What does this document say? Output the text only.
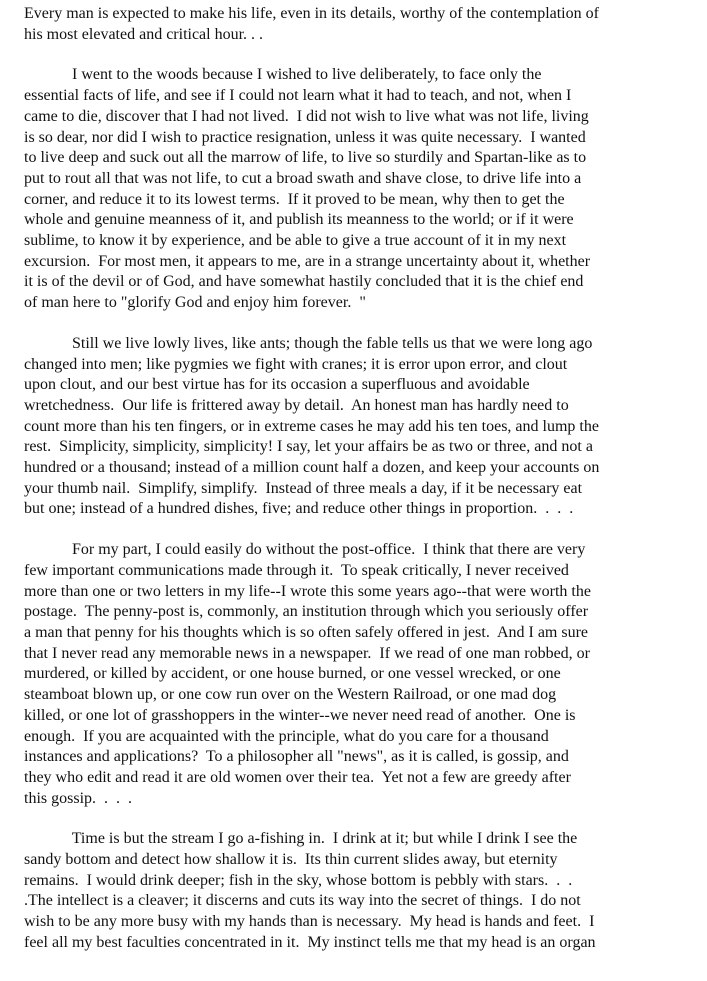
Every man is expected to make his life, even in its details, worthy of the contemplation of
his most elevated and critical hour. . .
I went to the woods because I wished to live deliberately, to face only the
essential facts of life, and see if I could not learn what it had to teach, and not, when I
came to die, discover that I had not lived.  I did not wish to live what was not life, living
is so dear, nor did I wish to practice resignation, unless it was quite necessary.  I wanted
to live deep and suck out all the marrow of life, to live so sturdily and Spartan-like as to
put to rout all that was not life, to cut a broad swath and shave close, to drive life into a
corner, and reduce it to its lowest terms.  If it proved to be mean, why then to get the
whole and genuine meanness of it, and publish its meanness to the world; or if it were
sublime, to know it by experience, and be able to give a true account of it in my next
excursion.  For most men, it appears to me, are in a strange uncertainty about it, whether
it is of the devil or of God, and have somewhat hastily concluded that it is the chief end
of man here to "glorify God and enjoy him forever.  "
Still we live lowly lives, like ants; though the fable tells us that we were long ago
changed into men; like pygmies we fight with cranes; it is error upon error, and clout
upon clout, and our best virtue has for its occasion a superfluous and avoidable
wretchedness.  Our life is frittered away by detail.  An honest man has hardly need to
count more than his ten fingers, or in extreme cases he may add his ten toes, and lump the
rest.  Simplicity, simplicity, simplicity! I say, let your affairs be as two or three, and not a
hundred or a thousand; instead of a million count half a dozen, and keep your accounts on
your thumb nail.  Simplify, simplify.  Instead of three meals a day, if it be necessary eat
but one; instead of a hundred dishes, five; and reduce other things in proportion.  .  .  .
For my part, I could easily do without the post-office.  I think that there are very
few important communications made through it.  To speak critically, I never received
more than one or two letters in my life--I wrote this some years ago--that were worth the
postage.  The penny-post is, commonly, an institution through which you seriously offer
a man that penny for his thoughts which is so often safely offered in jest.  And I am sure
that I never read any memorable news in a newspaper.  If we read of one man robbed, or
murdered, or killed by accident, or one house burned, or one vessel wrecked, or one
steamboat blown up, or one cow run over on the Western Railroad, or one mad dog
killed, or one lot of grasshoppers in the winter--we never need read of another.  One is
enough.  If you are acquainted with the principle, what do you care for a thousand
instances and applications?  To a philosopher all "news", as it is called, is gossip, and
they who edit and read it are old women over their tea.  Yet not a few are greedy after
this gossip.  .  .  .
Time is but the stream I go a-fishing in.  I drink at it; but while I drink I see the
sandy bottom and detect how shallow it is.  Its thin current slides away, but eternity
remains.  I would drink deeper; fish in the sky, whose bottom is pebbly with stars.  .  .
.The intellect is a cleaver; it discerns and cuts its way into the secret of things.  I do not
wish to be any more busy with my hands than is necessary.  My head is hands and feet.  I
feel all my best faculties concentrated in it.  My instinct tells me that my head is an organ
